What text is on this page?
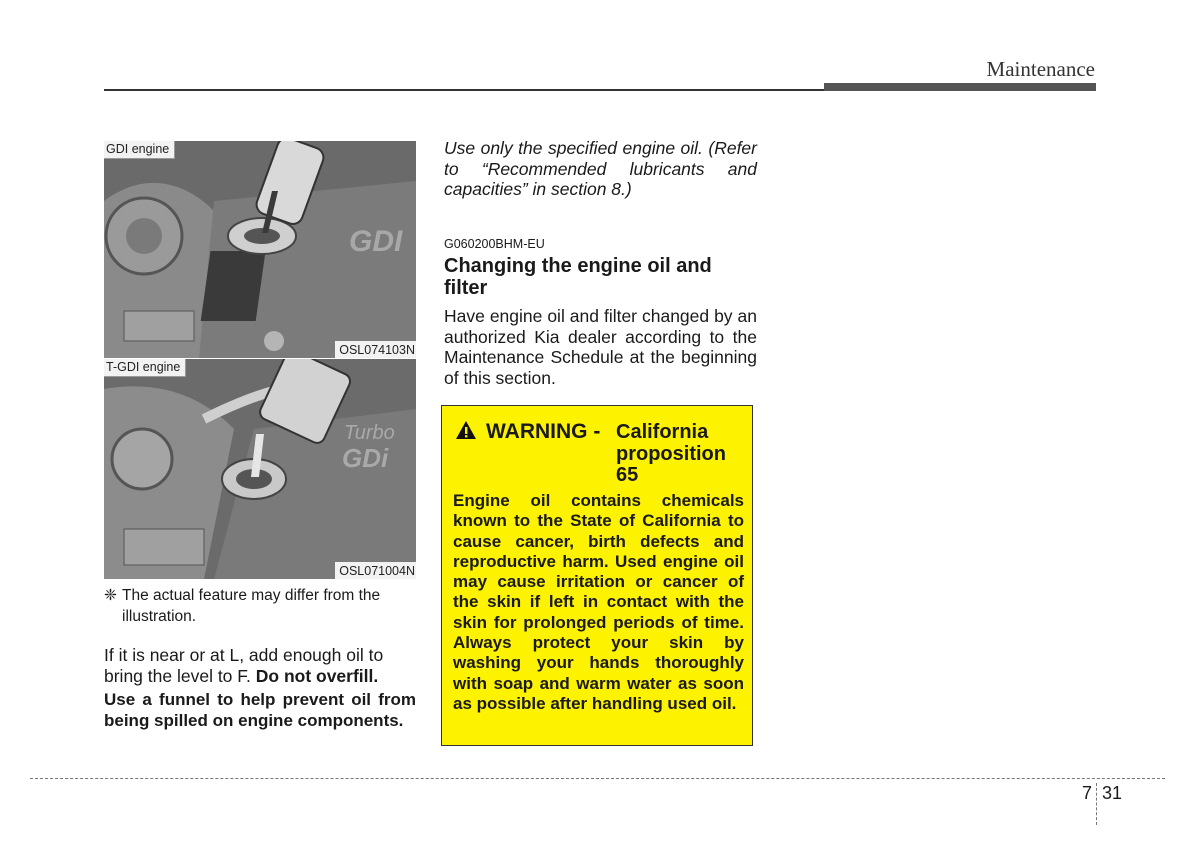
Maintenance
GDI
GDI engine
OSL074103N
Turbo
GDi
T-GDI engine
OSL071004N
❈ The actual feature may differ from the illustration.
If it is near or at L, add enough oil to bring the level to F. Do not overfill.
Use a funnel to help prevent oil from being spilled on engine components.
Use only the specified engine oil. (Refer to “Recommended lubricants and capacities” in section 8.)
G060200BHM-EU
Changing the engine oil and filter
Have engine oil and filter changed by an authorized Kia dealer according to the Maintenance Schedule at the beginning of this section.
WARNING - California proposition 65
Engine oil contains chemicals known to the State of California to cause cancer, birth defects and reproductive harm. Used engine oil may cause irritation or cancer of the skin if left in contact with the skin for prolonged periods of time. Always protect your skin by washing your hands thoroughly with soap and warm water as soon as possible after handling used oil.
7 31
